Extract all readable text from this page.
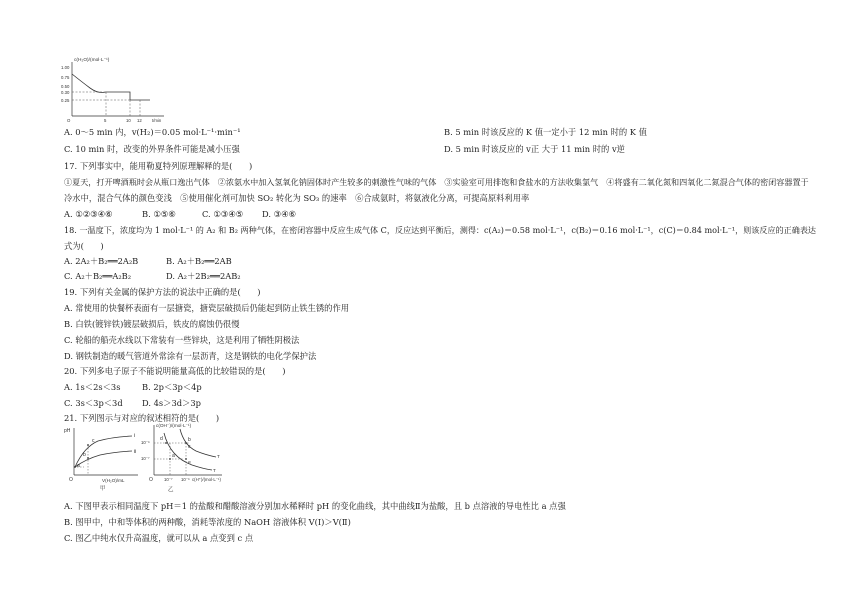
c(H₂O)/(mol·L⁻¹)
1.00
0.75
0.50
0.30
0.25
O	5	10 12 t/min
A. 0～5 min 内，v(H₂)＝0.05 mol·L⁻¹·min⁻¹	B. 5 min 时该反应的 K 值一定小于 12 min 时的 K 值
C. 10 min 时，改变的外界条件可能是减小压强	D. 5 min 时该反应的 v正 大于 11 min 时的 v逆
17. 下列事实中，能用勒夏特列原理解释的是(　　)
①夏天，打开啤酒瓶时会从瓶口逸出气体　②浓氨水中加入氢氧化钠固体时产生较多的刺激性气味的气体　③实验室可用排饱和食盐水的方法收集氯气　④将盛有二氧化氮和四氧化二氮混合气体的密闭容器置于
冷水中，混合气体的颜色变浅　⑤使用催化剂可加快 SO₂ 转化为 SO₃ 的速率　⑥合成氨时，将氨液化分离，可提高原料利用率
A. ①②③④⑥	B. ①⑤⑥	C. ①③④⑤ D. ③④⑥
18. 一温度下，浓度均为 1 mol·L⁻¹ 的 A₂ 和 B₂ 两种气体，在密闭容器中反应生成气体 C，反应达到平衡后，测得：c(A₂)＝0.58 mol·L⁻¹，c(B₂)＝0.16 mol·L⁻¹，c(C)＝0.84 mol·L⁻¹，则该反应的正确表达
式为(　　)
A. 2A₂＋B₂══2A₂B	B. A₂＋B₂══2AB
C. A₂＋B₂══A₂B₂	D. A₂＋2B₂══2AB₂
19. 下列有关金属的保护方法的说法中正确的是(　　)
A. 常使用的快餐杯表面有一层搪瓷，搪瓷层破损后仍能起到防止铁生锈的作用
B. 白铁(镀锌铁)镀层破损后，铁皮的腐蚀仍很慢
C. 轮船的船壳水线以下常装有一些锌块，这是利用了牺牲阴极法
D. 钢铁制造的暖气管道外常涂有一层沥青，这是钢铁的电化学保护法
20. 下列多电子原子不能说明能量高低的比较错误的是(　　)
A. 1s＜2s＜3s	B. 2p＜3p＜4p
C. 3s＜3p＜3d D. 4s＞3d＞3p
21. 下列图示与对应的叙述相符的是(　　)
pH
c
b
a
Ⅰ
Ⅱ
O	V(H₂O)/mL
甲
c(OH⁻)/(mol·L⁻¹)
10⁻⁶
10⁻⁷
d	b
c
a
e
T
T
O	10⁻⁷ 10⁻⁶ c(H⁺)/(mol·L⁻¹)
乙
A. 下图甲表示相同温度下 pH＝1 的盐酸和醋酸溶液分别加水稀释时 pH 的变化曲线，其中曲线Ⅱ为盐酸，且 b 点溶液的导电性比 a 点强
B. 图甲中，中和等体积的两种酸，消耗等浓度的 NaOH 溶液体积 V(Ⅰ)＞V(Ⅱ)
C. 图乙中纯水仅升高温度，就可以从 a 点变到 c 点
